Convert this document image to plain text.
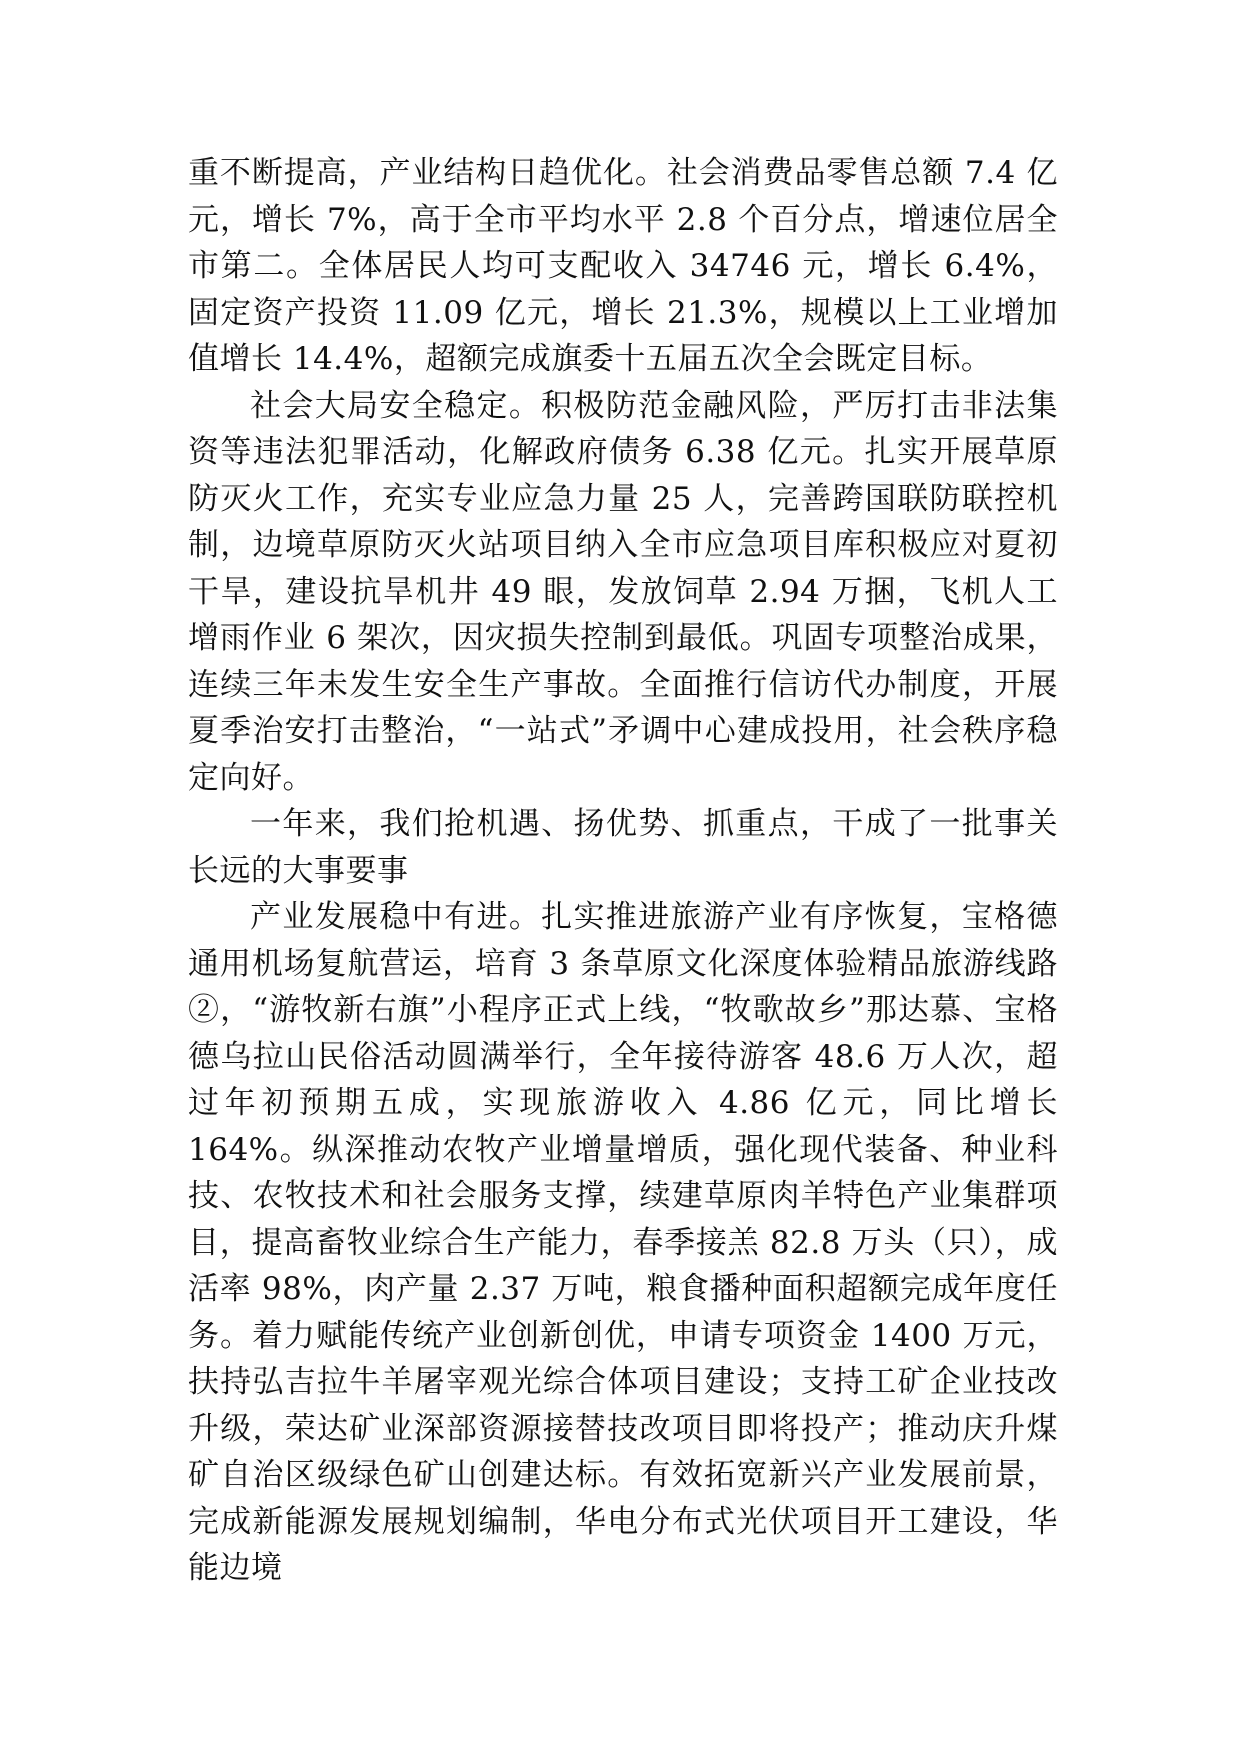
重不断提高，产业结构日趋优化。社会消费品零售总额 7.4 亿元，增长 7%，高于全市平均水平 2.8 个百分点，增速位居全市第二。全体居民人均可支配收入 34746 元，增长 6.4%，固定资产投资 11.09 亿元，增长 21.3%，规模以上工业增加值增长 14.4%，超额完成旗委十五届五次全会既定目标。

社会大局安全稳定。积极防范金融风险，严厉打击非法集资等违法犯罪活动，化解政府债务 6.38 亿元。扎实开展草原防灭火工作，充实专业应急力量 25 人，完善跨国联防联控机制，边境草原防灭火站项目纳入全市应急项目库积极应对夏初干旱，建设抗旱机井 49 眼，发放饲草 2.94 万捆，飞机人工增雨作业 6 架次，因灾损失控制到最低。巩固专项整治成果，连续三年未发生安全生产事故。全面推行信访代办制度，开展夏季治安打击整治，“一站式”矛调中心建成投用，社会秩序稳定向好。

一年来，我们抢机遇、扬优势、抓重点，干成了一批事关长远的大事要事

产业发展稳中有进。扎实推进旅游产业有序恢复，宝格德通用机场复航营运，培育 3 条草原文化深度体验精品旅游线路②，“游牧新右旗”小程序正式上线，“牧歌故乡”那达慕、宝格德乌拉山民俗活动圆满举行，全年接待游客 48.6 万人次，超过年初预期五成，实现旅游收入 4.86 亿元，同比增长 164%。纵深推动农牧产业增量增质，强化现代装备、种业科技、农牧技术和社会服务支撑，续建草原肉羊特色产业集群项目，提高畜牧业综合生产能力，春季接羔 82.8 万头（只），成活率 98%，肉产量 2.37 万吨，粮食播种面积超额完成年度任务。着力赋能传统产业创新创优，申请专项资金 1400 万元，扶持弘吉拉牛羊屠宰观光综合体项目建设；支持工矿企业技改升级，荣达矿业深部资源接替技改项目即将投产；推动庆升煤矿自治区级绿色矿山创建达标。有效拓宽新兴产业发展前景，完成新能源发展规划编制，华电分布式光伏项目开工建设，华能边境
